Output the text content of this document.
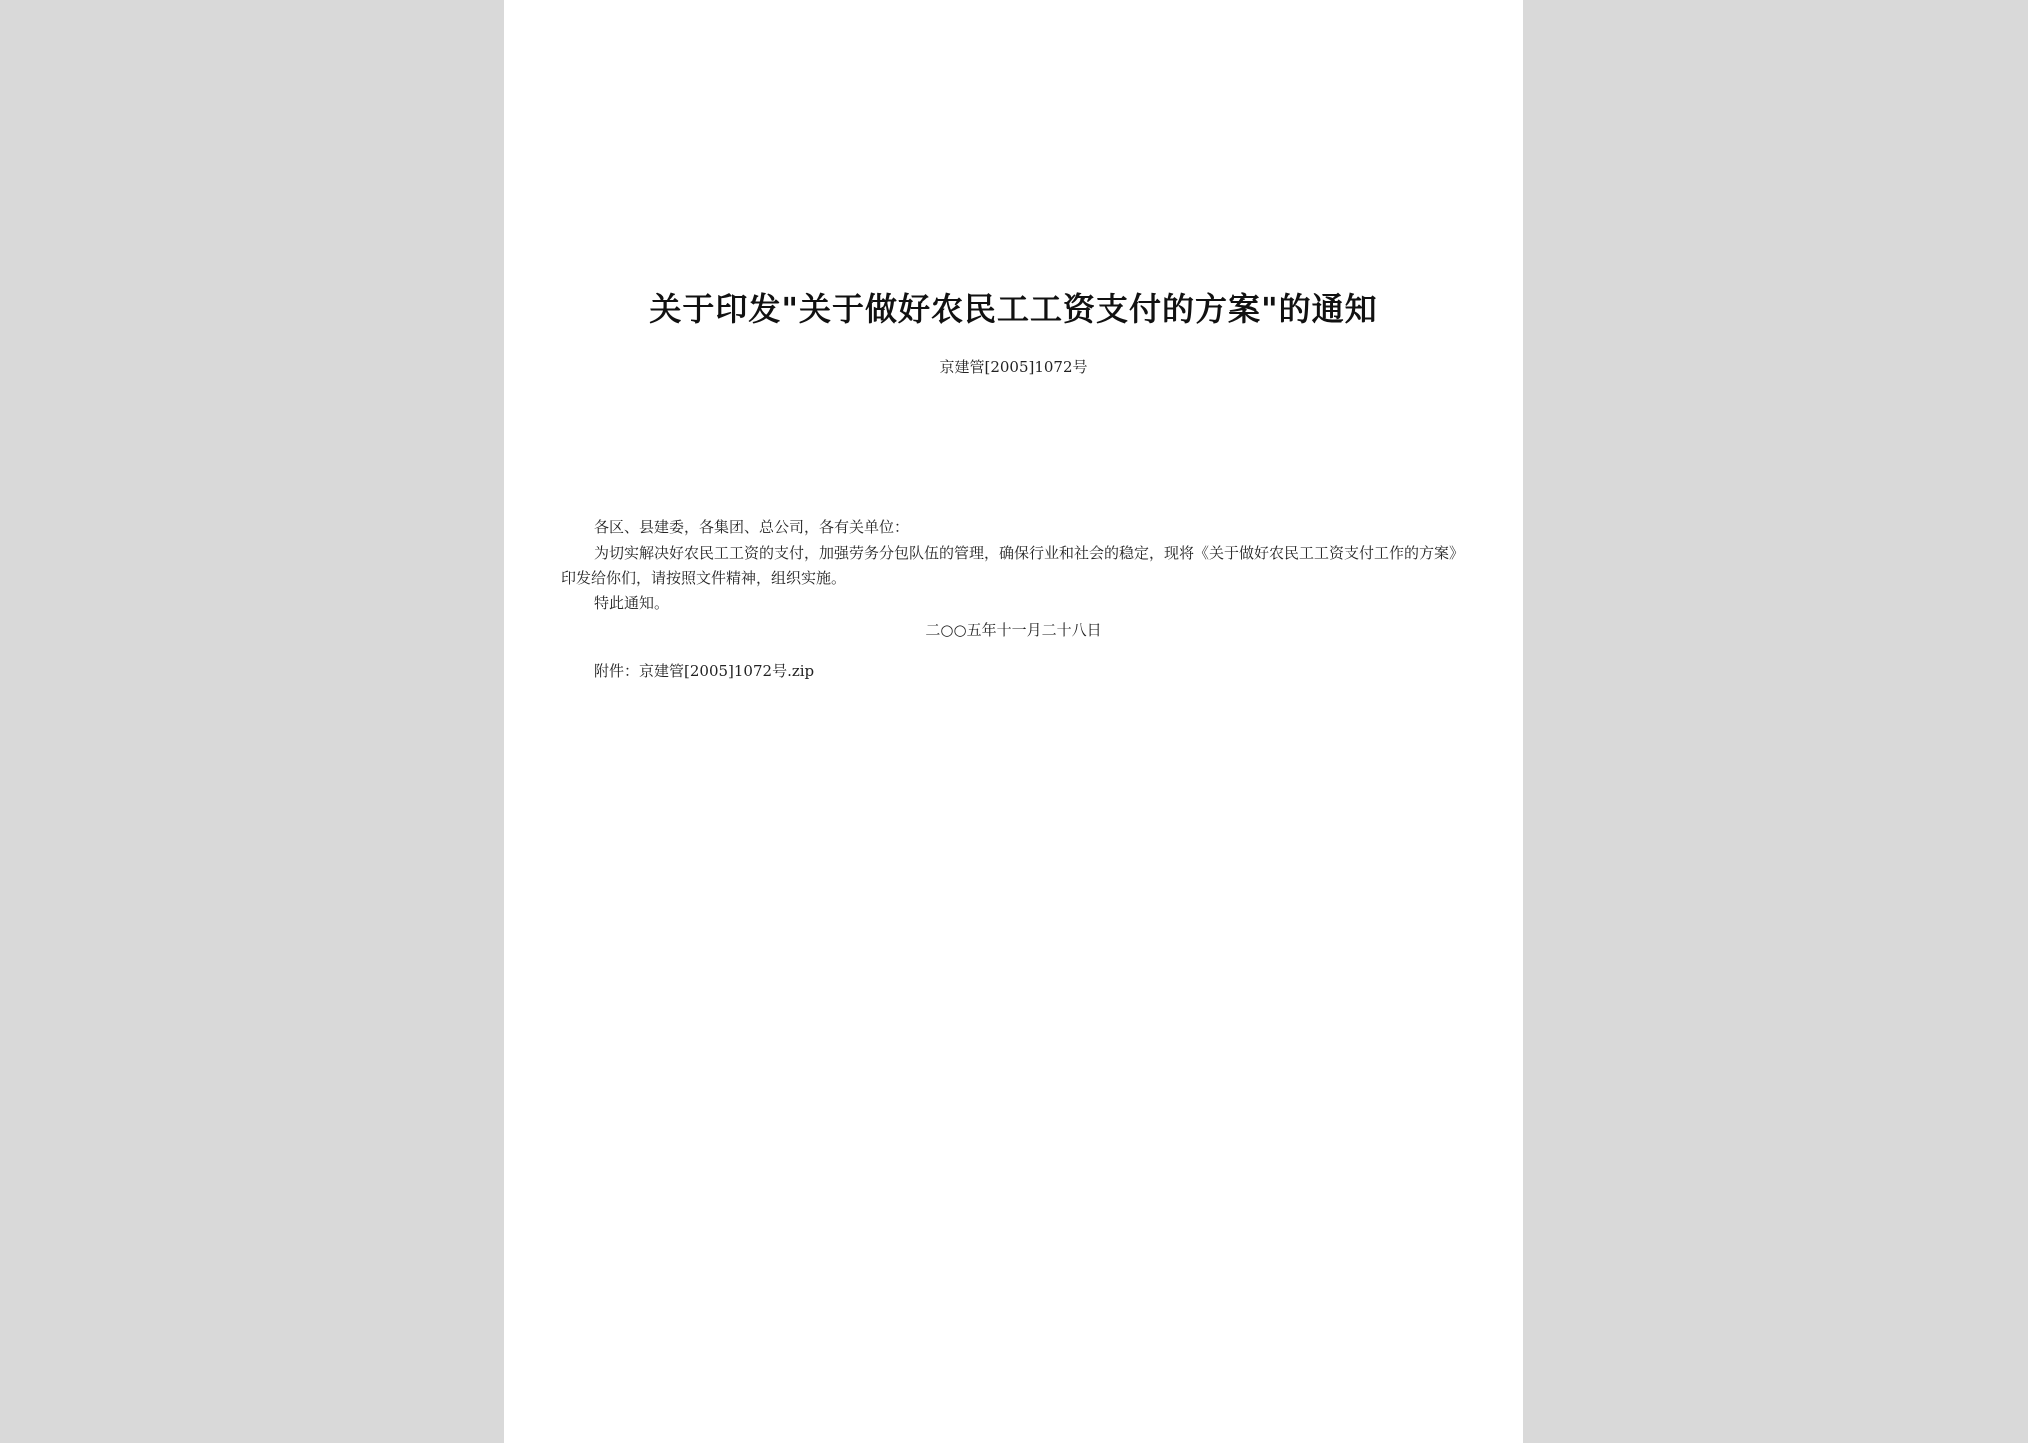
关于印发"关于做好农民工工资支付的方案"的通知
京建管[2005]1072号
各区、县建委，各集团、总公司，各有关单位：
为切实解决好农民工工资的支付，加强劳务分包队伍的管理，确保行业和社会的稳定，现将《关于做好农民工工资支付工作的方案》印发给你们，请按照文件精神，组织实施。
特此通知。
二○○五年十一月二十八日
附件：京建管[2005]1072号.zip
